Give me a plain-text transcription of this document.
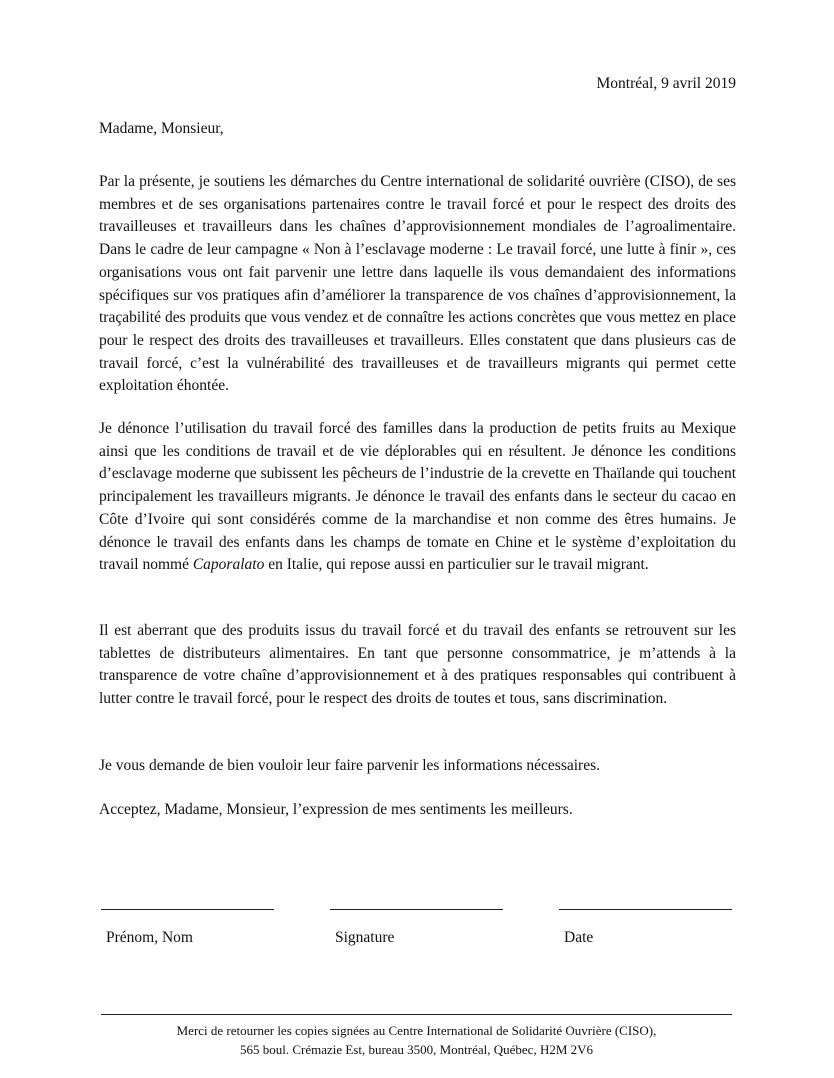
Montréal, 9 avril 2019
Madame, Monsieur,

Par la présente, je soutiens les démarches du Centre international de solidarité ouvrière (CISO), de ses membres et de ses organisations partenaires contre le travail forcé et pour le respect des droits des travailleuses et travailleurs dans les chaînes d’approvisionnement mondiales de l’agroalimentaire. Dans le cadre de leur campagne « Non à l’esclavage moderne : Le travail forcé, une lutte à finir », ces organisations vous ont fait parvenir une lettre dans laquelle ils vous demandaient des informations spécifiques sur vos pratiques afin d’améliorer la transparence de vos chaînes d’approvisionnement, la traçabilité des produits que vous vendez et de connaître les actions concrètes que vous mettez en place pour le respect des droits des travailleuses et travailleurs. Elles constatent que dans plusieurs cas de travail forcé, c’est la vulnérabilité des travailleuses et de travailleurs migrants qui permet cette exploitation éhontée.

Je dénonce l’utilisation du travail forcé des familles dans la production de petits fruits au Mexique ainsi que les conditions de travail et de vie déplorables qui en résultent. Je dénonce les conditions d’esclavage moderne que subissent les pêcheurs de l’industrie de la crevette en Thaïlande qui touchent principalement les travailleurs migrants. Je dénonce le travail des enfants dans le secteur du cacao en Côte d’Ivoire qui sont considérés comme de la marchandise et non comme des êtres humains. Je dénonce le travail des enfants dans les champs de tomate en Chine et le système d’exploitation du travail nommé Caporalato en Italie, qui repose aussi en particulier sur le travail migrant.

Il est aberrant que des produits issus du travail forcé et du travail des enfants se retrouvent sur les tablettes de distributeurs alimentaires. En tant que personne consommatrice, je m’attends à la transparence de votre chaîne d’approvisionnement et à des pratiques responsables qui contribuent à lutter contre le travail forcé, pour le respect des droits de toutes et tous, sans discrimination.

Je vous demande de bien vouloir leur faire parvenir les informations nécessaires.

Acceptez, Madame, Monsieur, l’expression de mes sentiments les meilleurs.

Prénom, Nom	Signature	Date
Merci de retourner les copies signées au Centre International de Solidarité Ouvrière (CISO),
565 boul. Crémazie Est, bureau 3500, Montréal, Québec, H2M 2V6
